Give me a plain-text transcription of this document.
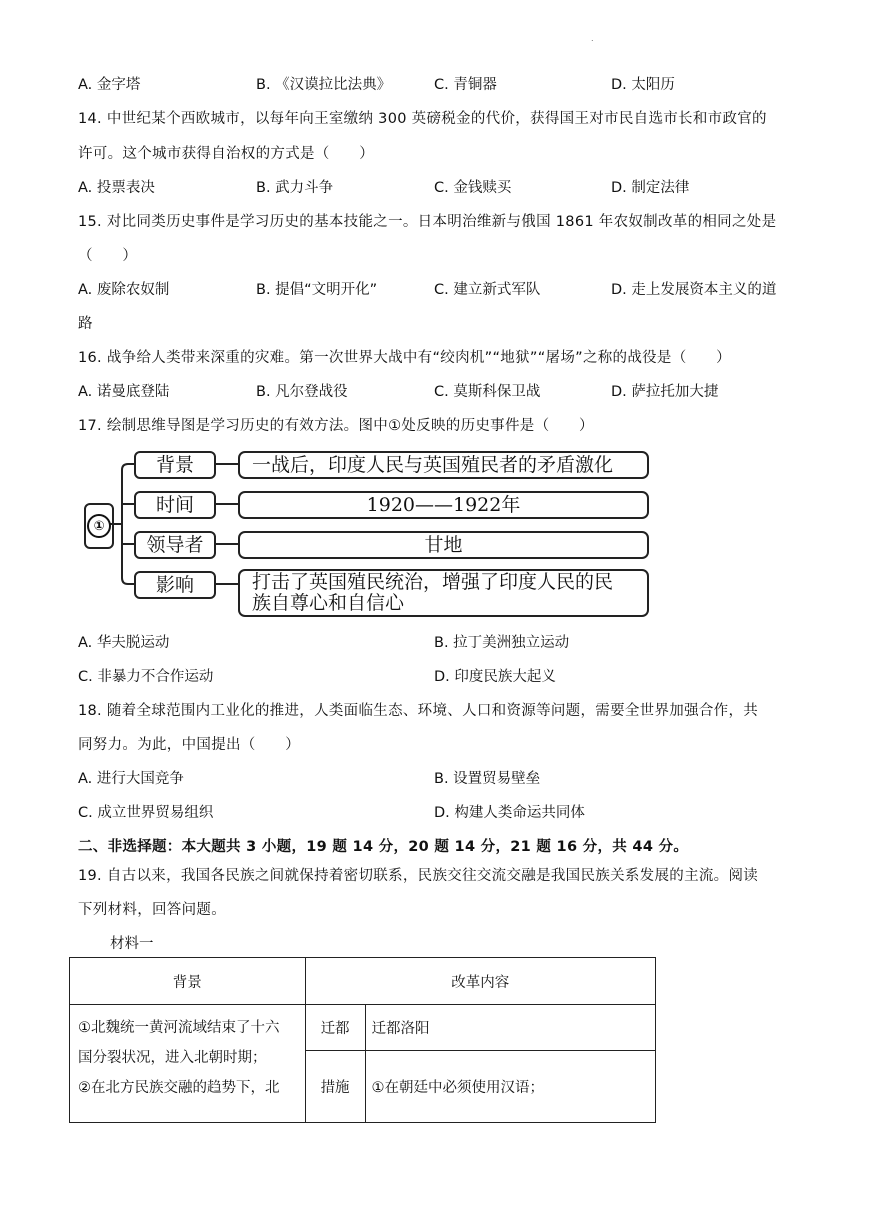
.
A. 金字塔	B. 《汉谟拉比法典》	C. 青铜器	D. 太阳历
14. 中世纪某个西欧城市，以每年向王室缴纳 300 英磅税金的代价，获得国王对市民自选市长和市政官的
许可。这个城市获得自治权的方式是（　　）
A. 投票表决	B. 武力斗争	C. 金钱赎买	D. 制定法律
15. 对比同类历史事件是学习历史的基本技能之一。日本明治维新与俄国 1861 年农奴制改革的相同之处是
（　　）
A. 废除农奴制	B. 提倡“文明开化”	C. 建立新式军队	D. 走上发展资本主义的道
路
16. 战争给人类带来深重的灾难。第一次世界大战中有“绞肉机”“地狱”“屠场”之称的战役是（　　）
A. 诺曼底登陆	B. 凡尔登战役	C. 莫斯科保卫战	D. 萨拉托加大捷
17. 绘制思维导图是学习历史的有效方法。图中①处反映的历史事件是（　　）
①
背景
时间
领导者
影响
一战后，印度人民与英国殖民者的矛盾激化
1920——1922年
甘地
打击了英国殖民统治，增强了印度人民的民
族自尊心和自信心
A. 华夫脱运动	B. 拉丁美洲独立运动
C. 非暴力不合作运动	D. 印度民族大起义
18. 随着全球范围内工业化的推进，人类面临生态、环境、人口和资源等问题，需要全世界加强合作，共
同努力。为此，中国提出（　　）
A. 进行大国竞争	B. 设置贸易壁垒
C. 成立世界贸易组织	D. 构建人类命运共同体
二、非选择题：本大题共 3 小题，19 题 14 分，20 题 14 分，21 题 16 分，共 44 分。
19. 自古以来，我国各民族之间就保持着密切联系，民族交往交流交融是我国民族关系发展的主流。阅读
下列材料，回答问题。
材料一
背景	改革内容	

①北魏统一黄河流域结束了十六
国分裂状况，进入北朝时期；
②在北方民族交融的趋势下，北	迁都	迁都洛阳
	措施	①在朝廷中必须使用汉语；
